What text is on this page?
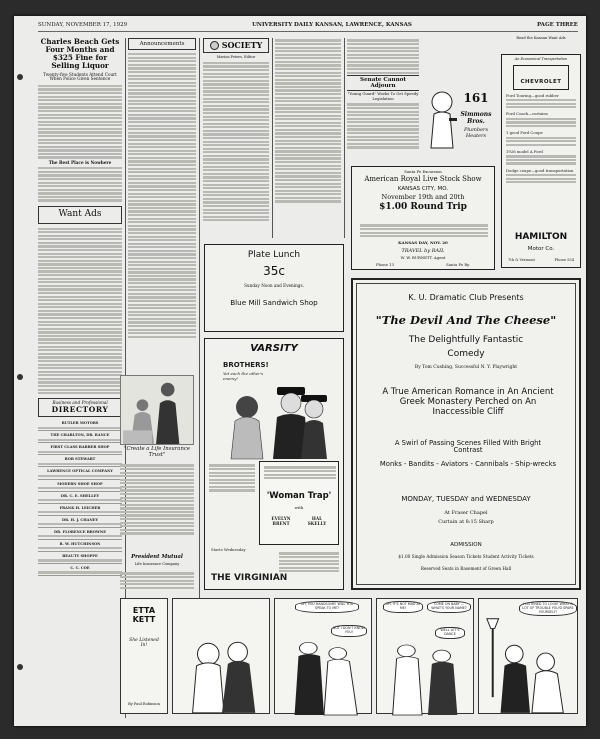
SUNDAY, NOVEMBER 17, 1929	UNIVERSITY DAILY KANSAN, LAWRENCE, KANSAS	PAGE THREE
Charles Beach Gets Four Months and $325 Fine for Selling Liquor
Twenty-five Students Attend Court When Police Given Sentence
The Best Place is Nowhere
Want Ads
Business and Professional
DIRECTORY
BUTLER MOTORS
THE CHARLTON, DR. RANCE
FIRST CLASS BARBER SHOP
BOB STEWART
LAWRENCE OPTICAL COMPANY
MODERN SHOE SHOP
DR. C. E. SHELLEY
FRANK H. LEICHER
DR. H. J. CHANEY
DR. FLORENCE BROWNE
R. W. HUTCHINSON
BEAUTY SHOPPE
C. C. COE
Announcements
"Create a Life Insurance Trust"
President Mutual
Life Insurance Company
SOCIETY
Marion Peters, Editor
Senate Cannot Adjourn
"Young Guard" Works To Get Speedy Legislation	161
Simmons Bros.
Plumbers Heaters
Santa Fe Excursion
American Royal Live Stock Show
KANSAS CITY, MO.
November 19th and 20th
$1.00 Round Trip
KANSAS DAY, NOV. 20
TRAVEL by RAIL
W. W. BURNETT, Agent
Phone 13	Santa Fe Ry.
Read the Kansan Want Ads
An Economical Transportation
CHEVROLET
Ford Touring—good rubber
Ford Coach—curtains
1 good Ford Coupe
1926 model A Ford
Dodge coupe—good transportation
HAMILTON
Motor Co.
7th & Vermont	Phone 554
Plate Lunch
35c
Sunday Noon and Evenings.
Blue Mill Sandwich Shop
VARSITY
BROTHERS!
Yet each the other's enemy!
'Woman Trap'
with
EVELYN BRENT
HAL SKELLY
Starts Wednesday
THE VIRGINIAN
K. U. Dramatic Club Presents
"The Devil And The Cheese"
The Delightfully Fantastic
Comedy
By Tom Cushing, Successful N. Y. Playwright
A True American Romance in An Ancient Greek Monastery Perched on An Inaccessible Cliff
A Swirl of Passing Scenes Filled With Bright Contrast
Monks - Bandits - Aviators - Cannibals - Ship-wrecks
MONDAY, TUESDAY and WEDNESDAY
At Fraser Chapel
Curtain at 8:15 Sharp
ADMISSION
$1.00 Single Admission Season Tickets Student Activity Tickets
Reserved Seats in Basement of Green Hall
ETTA KETT
She Listened In!
By Paul Robinson
OH, YOU HANDSOME! WILL YOU SPEAK TO ME?
BUT I DON'T KNOW YOU!
OH, IT'S NOT MAD AT ME!
COME ON BABY — WHAT'S YOUR NAME?
WELL LET'S DANCE
I LISTENED TO LOOK! WHAT A LOT OF TROUBLE YOU'D SPARE YOURSELF!
